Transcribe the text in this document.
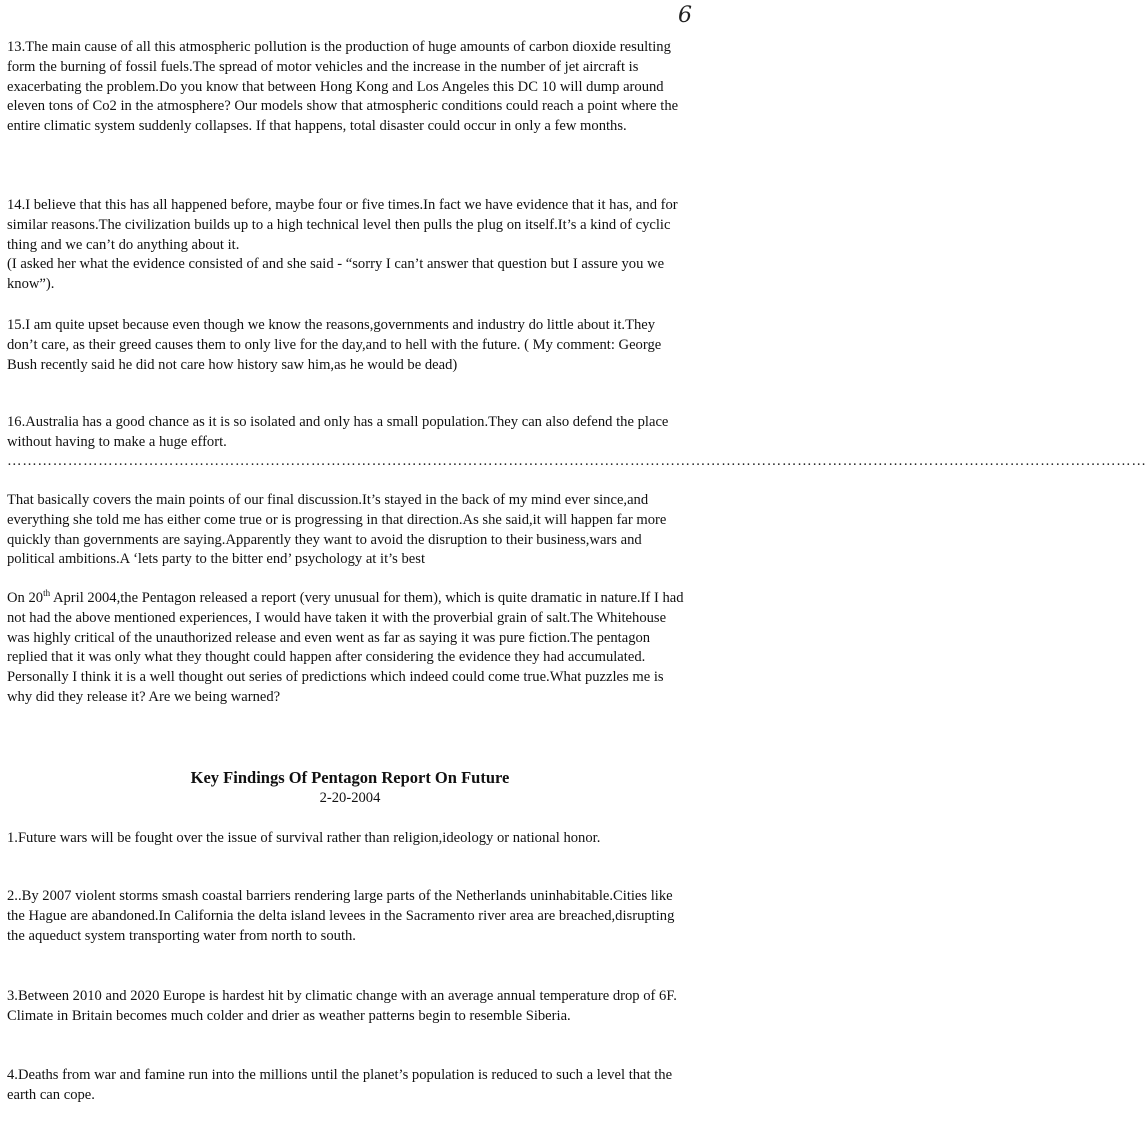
6

13.The main cause of all this atmospheric pollution is the production of huge amounts of carbon dioxide resulting form the burning of fossil fuels.The spread of motor vehicles and the increase in the number of jet aircraft is exacerbating the problem.Do you know that between Hong Kong and Los Angeles this DC 10 will dump around eleven tons of Co2 in the atmosphere? Our models show that atmospheric conditions could reach a point where the entire climatic system suddenly collapses. If that happens, total disaster could occur in only a few months.

14.I believe that this has all happened before, maybe four or five times.In fact we have evidence that it has, and for similar reasons.The civilization builds up to a high technical level then pulls the plug on itself.It’s a kind of cyclic thing and we can’t do anything about it.

(I asked her what the evidence consisted of and she said - “sorry I can’t answer that question but I assure you we know”).

15.I am quite upset because even though we know the reasons,governments and industry do little about it.They don’t care, as their greed causes them to only live for the day,and to hell with the future. ( My comment: George Bush recently said he did not care how history saw him,as he would be dead)

16.Australia has a good chance as it is so isolated and only has a small population.They can also defend the place without having to make a huge effort.

………………………………………………………………………………………………………………………………………………………………………………………………………

That basically covers the main points of our final discussion.It’s stayed in the back of my mind ever since,and everything she told me has either come true or is progressing in that direction.As she said,it will happen far more quickly than governments are saying.Apparently they want to avoid the disruption to their business,wars and political ambitions.A ‘lets party to the bitter end’ psychology at it’s best

On 20th April 2004,the Pentagon released a report (very unusual for them), which is quite dramatic in nature.If I had not had the above mentioned experiences, I would have taken it with the proverbial grain of salt.The Whitehouse was highly critical of the unauthorized release and even went as far as saying it was pure fiction.The pentagon replied that it was only what they thought could happen after considering the evidence they had accumulated. Personally I think it is a well thought out series of predictions which indeed could come true.What puzzles me is why did they release it? Are we being warned?

Key Findings Of Pentagon Report On Future
2-20-2004

1.Future wars will be fought over the issue of survival rather than religion,ideology or national honor.

2..By 2007 violent storms smash coastal barriers rendering large parts of the Netherlands uninhabitable.Cities like the Hague are abandoned.In California the delta island levees in the Sacramento river area are breached,disrupting the aqueduct system transporting water from north to south.

3.Between 2010 and 2020 Europe is hardest hit by climatic change with an average annual temperature drop of 6F. Climate in Britain becomes much colder and drier as weather patterns begin to resemble Siberia.

4.Deaths from war and famine run into the millions until the planet’s population is reduced to such a level that the earth can cope.
